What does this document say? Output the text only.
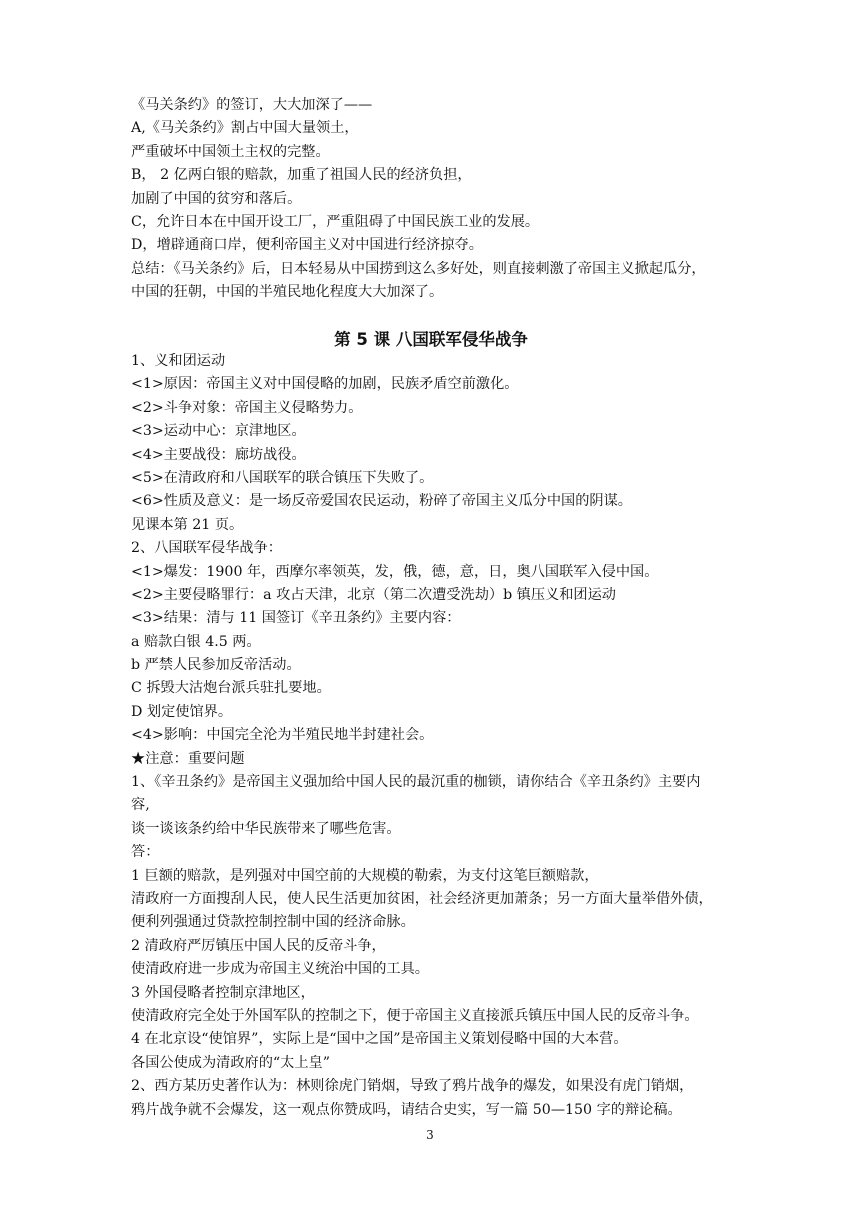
《马关条约》的签订，大大加深了——

A,《马关条约》割占中国大量领土，

严重破坏中国领土主权的完整。

B， 2 亿两白银的赔款，加重了祖国人民的经济负担，

加剧了中国的贫穷和落后。

C，允许日本在中国开设工厂，严重阻碍了中国民族工业的发展。

D，增辟通商口岸，便利帝国主义对中国进行经济掠夺。

总结：《马关条约》后，日本轻易从中国捞到这么多好处，则直接刺激了帝国主义掀起瓜分，

中国的狂朝，中国的半殖民地化程度大大加深了。

第 5 课 八国联军侵华战争

1、义和团运动

<1>原因：帝国主义对中国侵略的加剧，民族矛盾空前激化。

<2>斗争对象：帝国主义侵略势力。

<3>运动中心：京津地区。

<4>主要战役：廊坊战役。

<5>在清政府和八国联军的联合镇压下失败了。

<6>性质及意义：是一场反帝爱国农民运动，粉碎了帝国主义瓜分中国的阴谋。

见课本第 21 页。

2、八国联军侵华战争：

<1>爆发：1900 年，西摩尔率领英，发，俄，德，意，日，奥八国联军入侵中国。

<2>主要侵略罪行：a 攻占天津，北京（第二次遭受洗劫）b 镇压义和团运动

<3>结果：清与 11 国签订《辛丑条约》主要内容：

a 赔款白银 4.5 两。

b 严禁人民参加反帝活动。

C 拆毁大沽炮台派兵驻扎要地。

D 划定使馆界。

<4>影响：中国完全沦为半殖民地半封建社会。

★注意：重要问题

1、《辛丑条约》是帝国主义强加给中国人民的最沉重的枷锁，请你结合《辛丑条约》主要内

容,

谈一谈该条约给中华民族带来了哪些危害。

答：

1 巨额的赔款，是列强对中国空前的大规模的勒索，为支付这笔巨额赔款，

清政府一方面搜刮人民，使人民生活更加贫困，社会经济更加萧条；另一方面大量举借外债，

便利列强通过贷款控制控制中国的经济命脉。

2 清政府严厉镇压中国人民的反帝斗争，

使清政府进一步成为帝国主义统治中国的工具。

3 外国侵略者控制京津地区，

使清政府完全处于外国军队的控制之下，便于帝国主义直接派兵镇压中国人民的反帝斗争。

4 在北京设“使馆界”，实际上是“国中之国”是帝国主义策划侵略中国的大本营。

各国公使成为清政府的“太上皇”

2、西方某历史著作认为：林则徐虎门销烟，导致了鸦片战争的爆发，如果没有虎门销烟，

鸦片战争就不会爆发，这一观点你赞成吗，请结合史实，写一篇 50—150 字的辩论稿。

3
